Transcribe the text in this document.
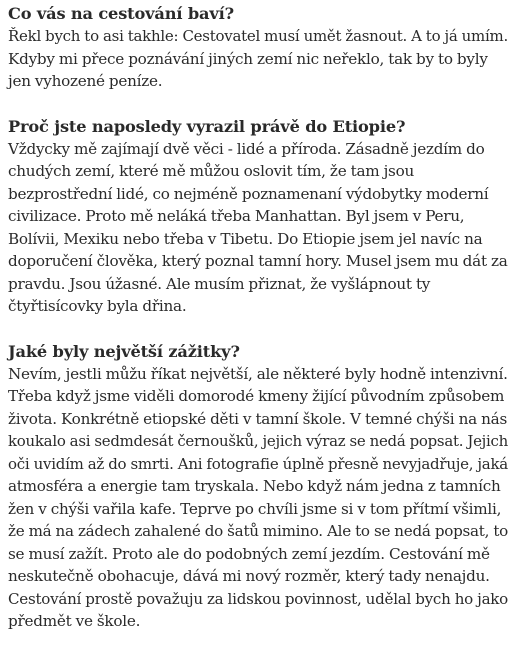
Co vás na cestování baví?

Řekl bych to asi takhle: Cestovatel musí umět žasnout. A to já umím.
Kdyby mi přece poznávání jiných zemí nic neřeklo, tak by to byly
jen vyhozené peníze.

Proč jste naposledy vyrazil právě do Etiopie?

Vždycky mě zajímají dvě věci - lidé a příroda. Zásadně jezdím do
chudých zemí, které mě můžou oslovit tím, že tam jsou
bezprostřední lidé, co nejméně poznamenaní výdobytky moderní
civilizace. Proto mě neláká třeba Manhattan. Byl jsem v Peru,
Bolívii, Mexiku nebo třeba v Tibetu. Do Etiopie jsem jel navíc na
doporučení člověka, který poznal tamní hory. Musel jsem mu dát za
pravdu. Jsou úžasné. Ale musím přiznat, že vyšlápnout ty
čtyřtisícovky byla dřina.

Jaké byly největší zážitky?

Nevím, jestli můžu říkat největší, ale některé byly hodně intenzivní.
Třeba když jsme viděli domorodé kmeny žijící původním způsobem
života. Konkrétně etiopské děti v tamní škole. V temné chýši na nás
koukalo asi sedmdesát černoušků, jejich výraz se nedá popsat. Jejich
oči uvidím až do smrti. Ani fotografie úplně přesně nevyjadřuje, jaká
atmosféra a energie tam tryskala. Nebo když nám jedna z tamních
žen v chýši vařila kafe. Teprve po chvíli jsme si v tom přítmí všimli,
že má na zádech zahalené do šatů mimino. Ale to se nedá popsat, to
se musí zažít. Proto ale do podobných zemí jezdím. Cestování mě
neskutečně obohacuje, dává mi nový rozměr, který tady nenajdu.
Cestování prostě považuju za lidskou povinnost, udělal bych ho jako
předmět ve škole.
